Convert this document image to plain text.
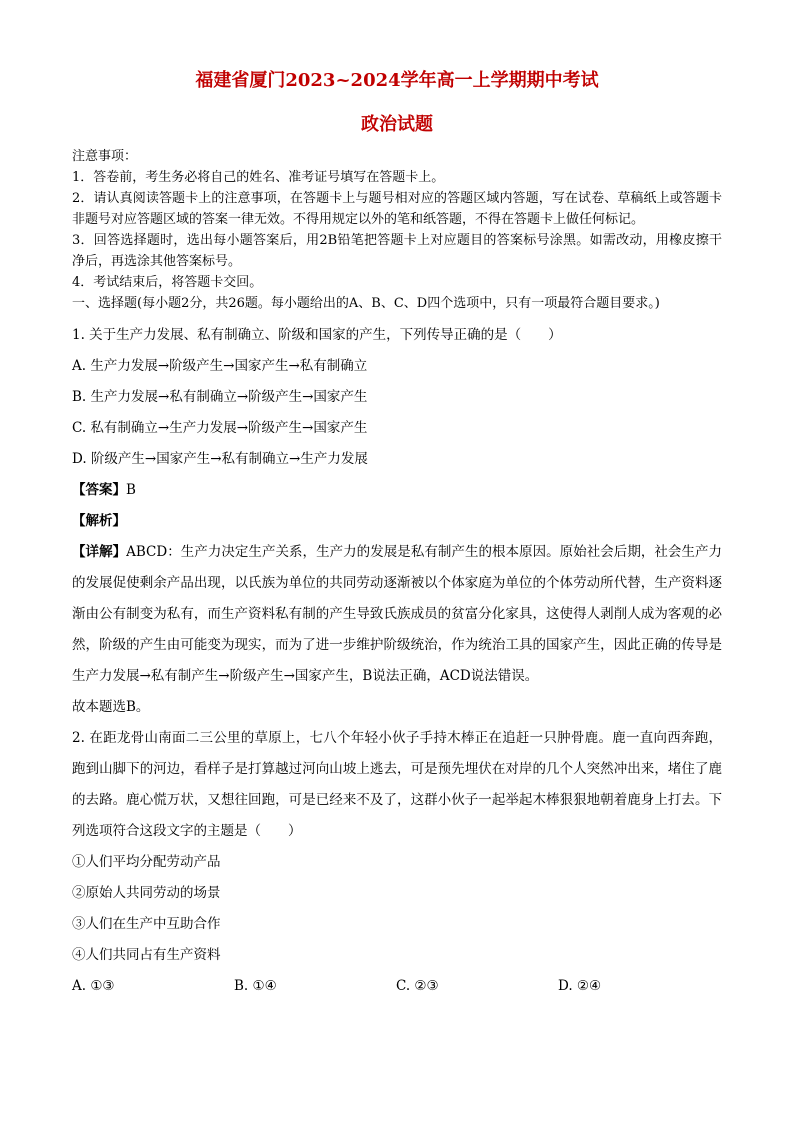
福建省厦门2023~2024学年高一上学期期中考试
政治试题

注意事项：

1．答卷前，考生务必将自己的姓名、准考证号填写在答题卡上。

2．请认真阅读答题卡上的注意事项，在答题卡上与题号相对应的答题区域内答题，写在试卷、草稿纸上或答题卡非题号对应答题区域的答案一律无效。不得用规定以外的笔和纸答题，不得在答题卡上做任何标记。

3．回答选择题时，选出每小题答案后，用2B铅笔把答题卡上对应题目的答案标号涂黑。如需改动，用橡皮擦干净后，再选涂其他答案标号。

4．考试结束后，将答题卡交回。

一、选择题(每小题2分，共26题。每小题给出的A、B、C、D四个选项中，只有一项最符合题目要求。)

1. 关于生产力发展、私有制确立、阶级和国家的产生，下列传导正确的是（　　）

A. 生产力发展→阶级产生→国家产生→私有制确立

B. 生产力发展→私有制确立→阶级产生→国家产生

C. 私有制确立→生产力发展→阶级产生→国家产生

D. 阶级产生→国家产生→私有制确立→生产力发展

【答案】B

【解析】

【详解】ABCD：生产力决定生产关系，生产力的发展是私有制产生的根本原因。原始社会后期，社会生产力的发展促使剩余产品出现，以氏族为单位的共同劳动逐渐被以个体家庭为单位的个体劳动所代替，生产资料逐渐由公有制变为私有，而生产资料私有制的产生导致氏族成员的贫富分化家具，这使得人剥削人成为客观的必然，阶级的产生由可能变为现实，而为了进一步维护阶级统治，作为统治工具的国家产生，因此正确的传导是生产力发展→私有制产生→阶级产生→国家产生，B说法正确，ACD说法错误。

故本题选B。

2. 在距龙骨山南面二三公里的草原上，七八个年轻小伙子手持木棒正在追赶一只肿骨鹿。鹿一直向西奔跑，跑到山脚下的河边，看样子是打算越过河向山坡上逃去，可是预先埋伏在对岸的几个人突然冲出来，堵住了鹿的去路。鹿心慌万状，又想往回跑，可是已经来不及了，这群小伙子一起举起木棒狠狠地朝着鹿身上打去。下列选项符合这段文字的主题是（　　）

①人们平均分配劳动产品

②原始人共同劳动的场景

③人们在生产中互助合作

④人们共同占有生产资料

A. ①③	B. ①④	C. ②③	D. ②④
